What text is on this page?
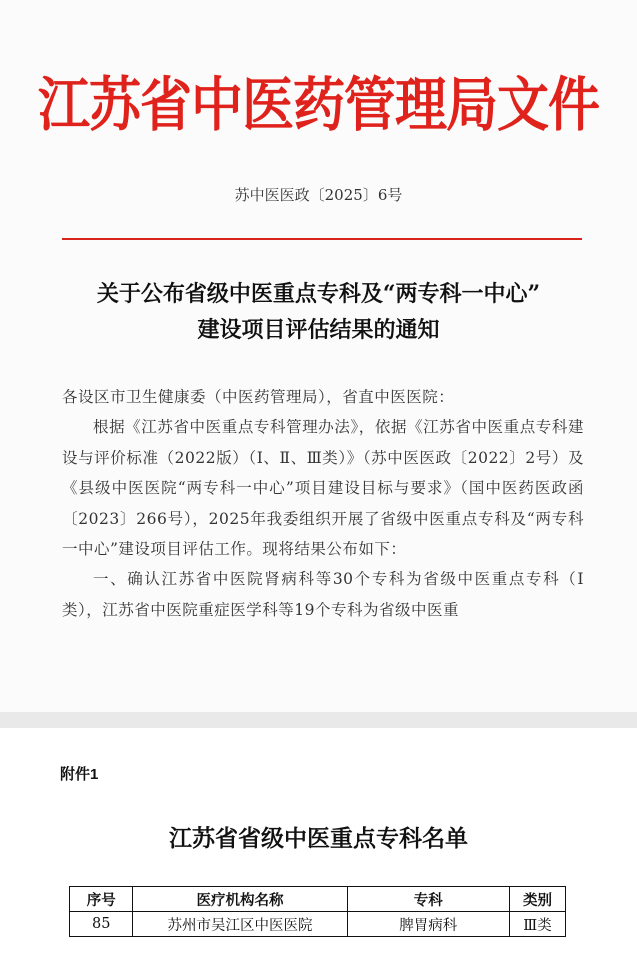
江苏省中医药管理局文件
苏中医医政〔2025〕6号
关于公布省级中医重点专科及“两专科一中心”
建设项目评估结果的通知

各设区市卫生健康委（中医药管理局），省直中医医院：

根据《江苏省中医重点专科管理办法》，依据《江苏省中医重点专科建设与评价标准（2022版）（Ⅰ、Ⅱ、Ⅲ类）》（苏中医医政〔2022〕2号）及《县级中医医院“两专科一中心”项目建设目标与要求》（国中医药医政函〔2023〕266号），2025年我委组织开展了省级中医重点专科及“两专科一中心”建设项目评估工作。现将结果公布如下：

一、确认江苏省中医院肾病科等30个专科为省级中医重点专科（Ⅰ类），江苏省中医院重症医学科等19个专科为省级中医重

附件1
江苏省省级中医重点专科名单
序号	医疗机构名称	专科	类别
85	苏州市吴江区中医医院	脾胃病科	Ⅲ类
